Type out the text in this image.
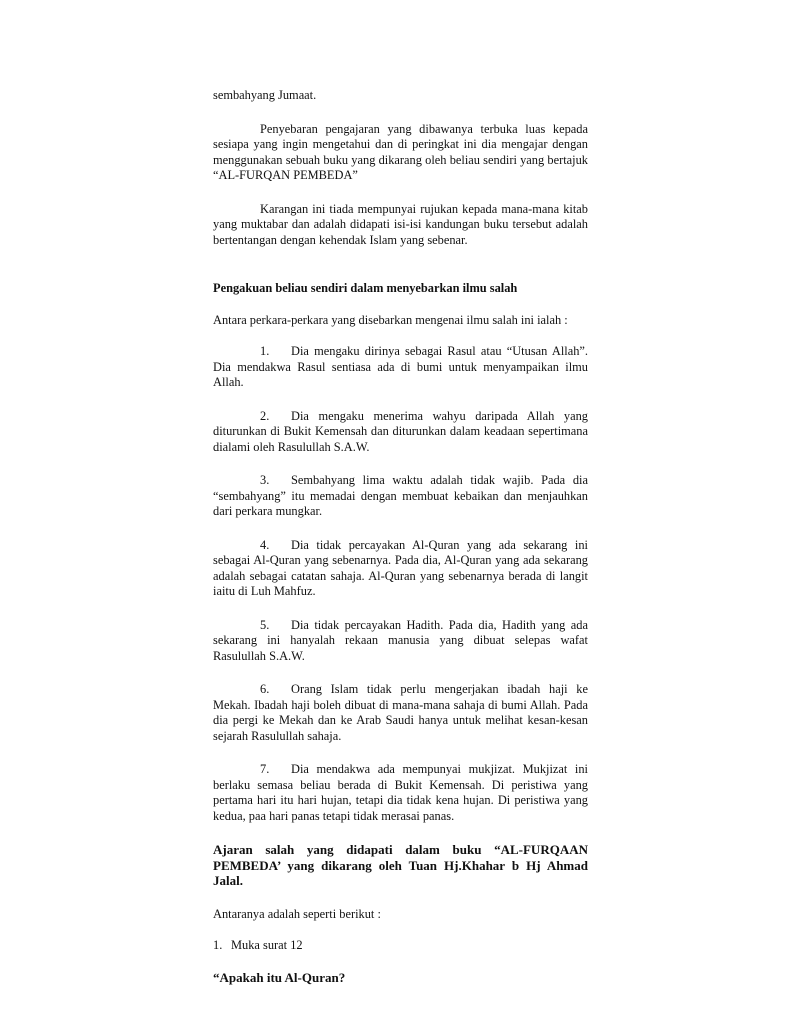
sembahyang Jumaat.

Penyebaran pengajaran yang dibawanya terbuka luas kepada sesiapa yang ingin mengetahui dan di peringkat ini dia mengajar dengan menggunakan sebuah buku yang dikarang oleh beliau sendiri yang bertajuk “AL-FURQAN PEMBEDA”

Karangan ini tiada mempunyai rujukan kepada mana-mana kitab yang muktabar dan adalah didapati isi-isi kandungan buku tersebut adalah bertentangan dengan kehendak Islam yang sebenar.

Pengakuan beliau sendiri dalam menyebarkan ilmu salah

Antara perkara-perkara yang disebarkan mengenai ilmu salah ini ialah :

1. Dia mengaku dirinya sebagai Rasul atau “Utusan Allah”. Dia mendakwa Rasul sentiasa ada di bumi untuk menyampaikan ilmu Allah.

2. Dia mengaku menerima wahyu daripada Allah yang diturunkan di Bukit Kemensah dan diturunkan dalam keadaan sepertimana dialami oleh Rasulullah S.A.W.

3. Sembahyang lima waktu adalah tidak wajib. Pada dia “sembahyang” itu memadai dengan membuat kebaikan dan menjauhkan dari perkara mungkar.

4. Dia tidak percayakan Al-Quran yang ada sekarang ini sebagai Al-Quran yang sebenarnya. Pada dia, Al-Quran yang ada sekarang adalah sebagai catatan sahaja. Al-Quran yang sebenarnya berada di langit iaitu di Luh Mahfuz.

5. Dia tidak percayakan Hadith. Pada dia, Hadith yang ada sekarang ini hanyalah rekaan manusia yang dibuat selepas wafat Rasulullah S.A.W.

6. Orang Islam tidak perlu mengerjakan ibadah haji ke Mekah. Ibadah haji boleh dibuat di mana-mana sahaja di bumi Allah. Pada dia pergi ke Mekah dan ke Arab Saudi hanya untuk melihat kesan-kesan sejarah Rasulullah sahaja.

7. Dia mendakwa ada mempunyai mukjizat. Mukjizat ini berlaku semasa beliau berada di Bukit Kemensah. Di peristiwa yang pertama hari itu hari hujan, tetapi dia tidak kena hujan. Di peristiwa yang kedua, paa hari panas tetapi tidak merasai panas.

Ajaran salah yang didapati dalam buku “AL-FURQAAN PEMBEDA’ yang dikarang oleh Tuan Hj.Khahar b Hj Ahmad Jalal.

Antaranya adalah seperti berikut :

1. Muka surat 12

“Apakah itu Al-Quran?
